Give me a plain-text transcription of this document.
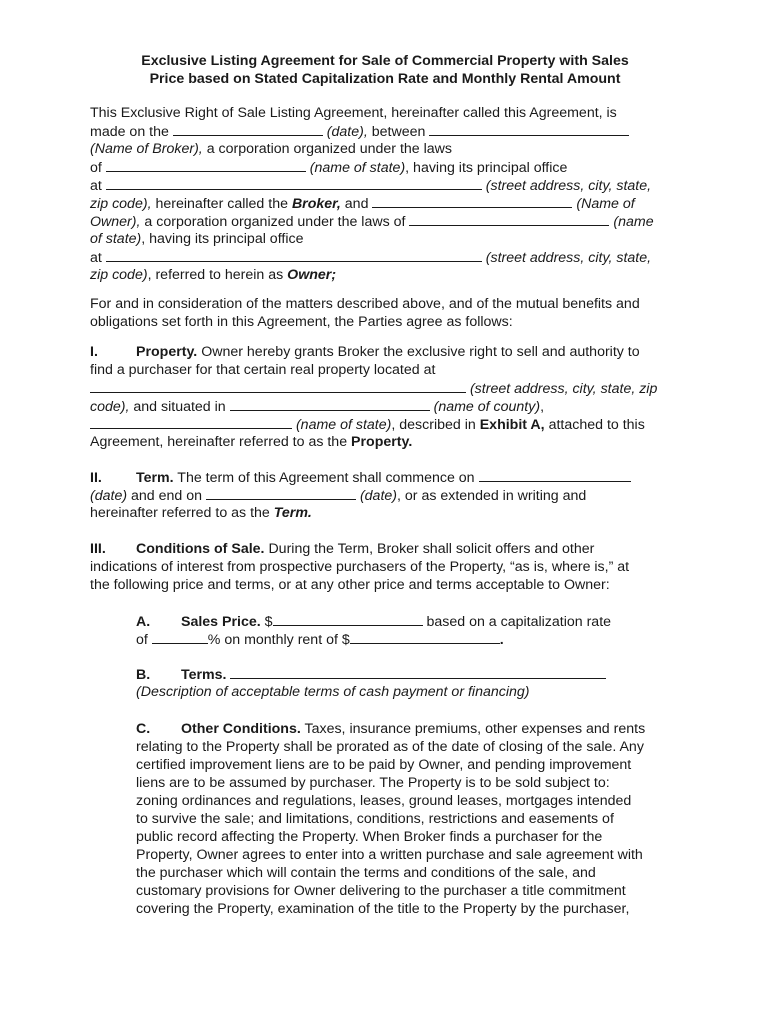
Exclusive Listing Agreement for Sale of Commercial Property with Sales
Price based on Stated Capitalization Rate and Monthly Rental Amount
This Exclusive Right of Sale Listing Agreement, hereinafter called this Agreement, is
made on the	(date), between
(Name of Broker), a corporation organized under the laws
of	(name of state), having its principal office
at	(street address, city, state,
zip code), hereinafter called the Broker, and	(Name of
Owner), a corporation organized under the laws of	(name
of state), having its principal office
at	(street address, city, state,
zip code), referred to herein as Owner;
For and in consideration of the matters described above, and of the mutual benefits and
obligations set forth in this Agreement, the Parties agree as follows:
I.	Property. Owner hereby grants Broker the exclusive right to sell and authority to
find a purchaser for that certain real property located at
(street address, city, state, zip
code), and situated in	(name of county),
(name of state), described in Exhibit A, attached to this
Agreement, hereinafter referred to as the Property.
II. Term. The term of this Agreement shall commence on
(date) and end on	(date), or as extended in writing and
hereinafter referred to as the Term.
III. Conditions of Sale. During the Term, Broker shall solicit offers and other
indications of interest from prospective purchasers of the Property, “as is, where is,” at
the following price and terms, or at any other price and terms acceptable to Owner:
A. Sales Price. $	based on a capitalization rate
of	% on monthly rent of $	.
B. Terms.
(Description of acceptable terms of cash payment or financing)
C. Other Conditions. Taxes, insurance premiums, other expenses and rents
relating to the Property shall be prorated as of the date of closing of the sale. Any
certified improvement liens are to be paid by Owner, and pending improvement
liens are to be assumed by purchaser. The Property is to be sold subject to:
zoning ordinances and regulations, leases, ground leases, mortgages intended
to survive the sale; and limitations, conditions, restrictions and easements of
public record affecting the Property. When Broker finds a purchaser for the
Property, Owner agrees to enter into a written purchase and sale agreement with
the purchaser which will contain the terms and conditions of the sale, and
customary provisions for Owner delivering to the purchaser a title commitment
covering the Property, examination of the title to the Property by the purchaser,
